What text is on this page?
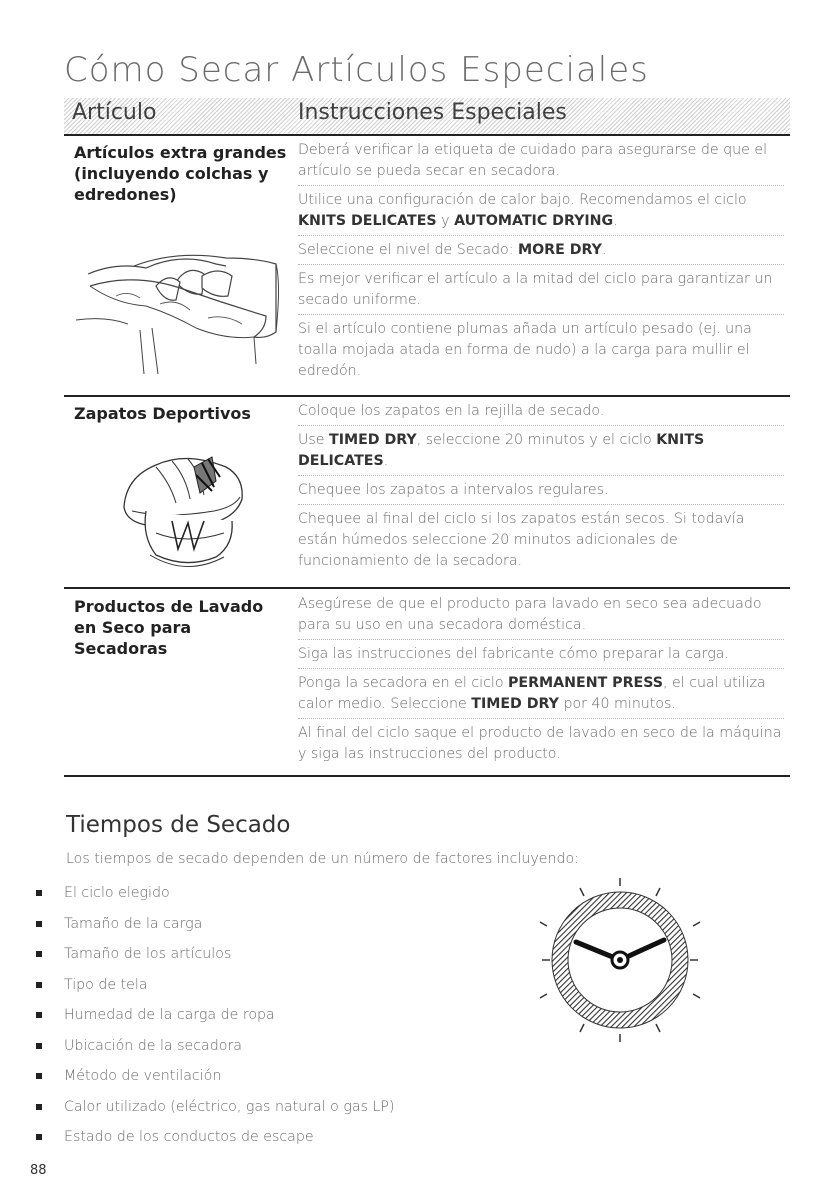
Cómo Secar Artículos Especiales
Artículo	Instrucciones Especiales

Artículos extra grandes (incluyendo colchas y edredones)

Deberá verificar la etiqueta de cuidado para asegurarse de que el artículo se pueda secar en secadora.
Utilice una configuración de calor bajo. Recomendamos el ciclo KNITS DELICATES y AUTOMATIC DRYING.
Seleccione el nivel de Secado: MORE DRY.
Es mejor verificar el artículo a la mitad del ciclo para garantizar un secado uniforme.
Si el artículo contiene plumas añada un artículo pesado (ej. una toalla mojada atada en forma de nudo) a la carga para mullir el edredón.

Zapatos Deportivos	Coloque los zapatos en la rejilla de secado.
Use TIMED DRY, seleccione 20 minutos y el ciclo KNITS DELICATES.
Chequee los zapatos a intervalos regulares.
Chequee al final del ciclo si los zapatos están secos. Si todavía están húmedos seleccione 20 minutos adicionales de funcionamiento de la secadora.

Productos de Lavado en Seco para Secadoras

Asegúrese de que el producto para lavado en seco sea adecuado para su uso en una secadora doméstica.
Siga las instrucciones del fabricante cómo preparar la carga.
Ponga la secadora en el ciclo PERMANENT PRESS, el cual utiliza calor medio. Seleccione TIMED DRY por 40 minutos.
Al final del ciclo saque el producto de lavado en seco de la máquina y siga las instrucciones del producto.
Tiempos de Secado

Los tiempos de secado dependen de un número de factores incluyendo:

El ciclo elegido
Tamaño de la carga
Tamaño de los artículos
Tipo de tela
Humedad de la carga de ropa
Ubicación de la secadora
Método de ventilación
Calor utilizado (eléctrico, gas natural o gas LP)
Estado de los conductos de escape
88
